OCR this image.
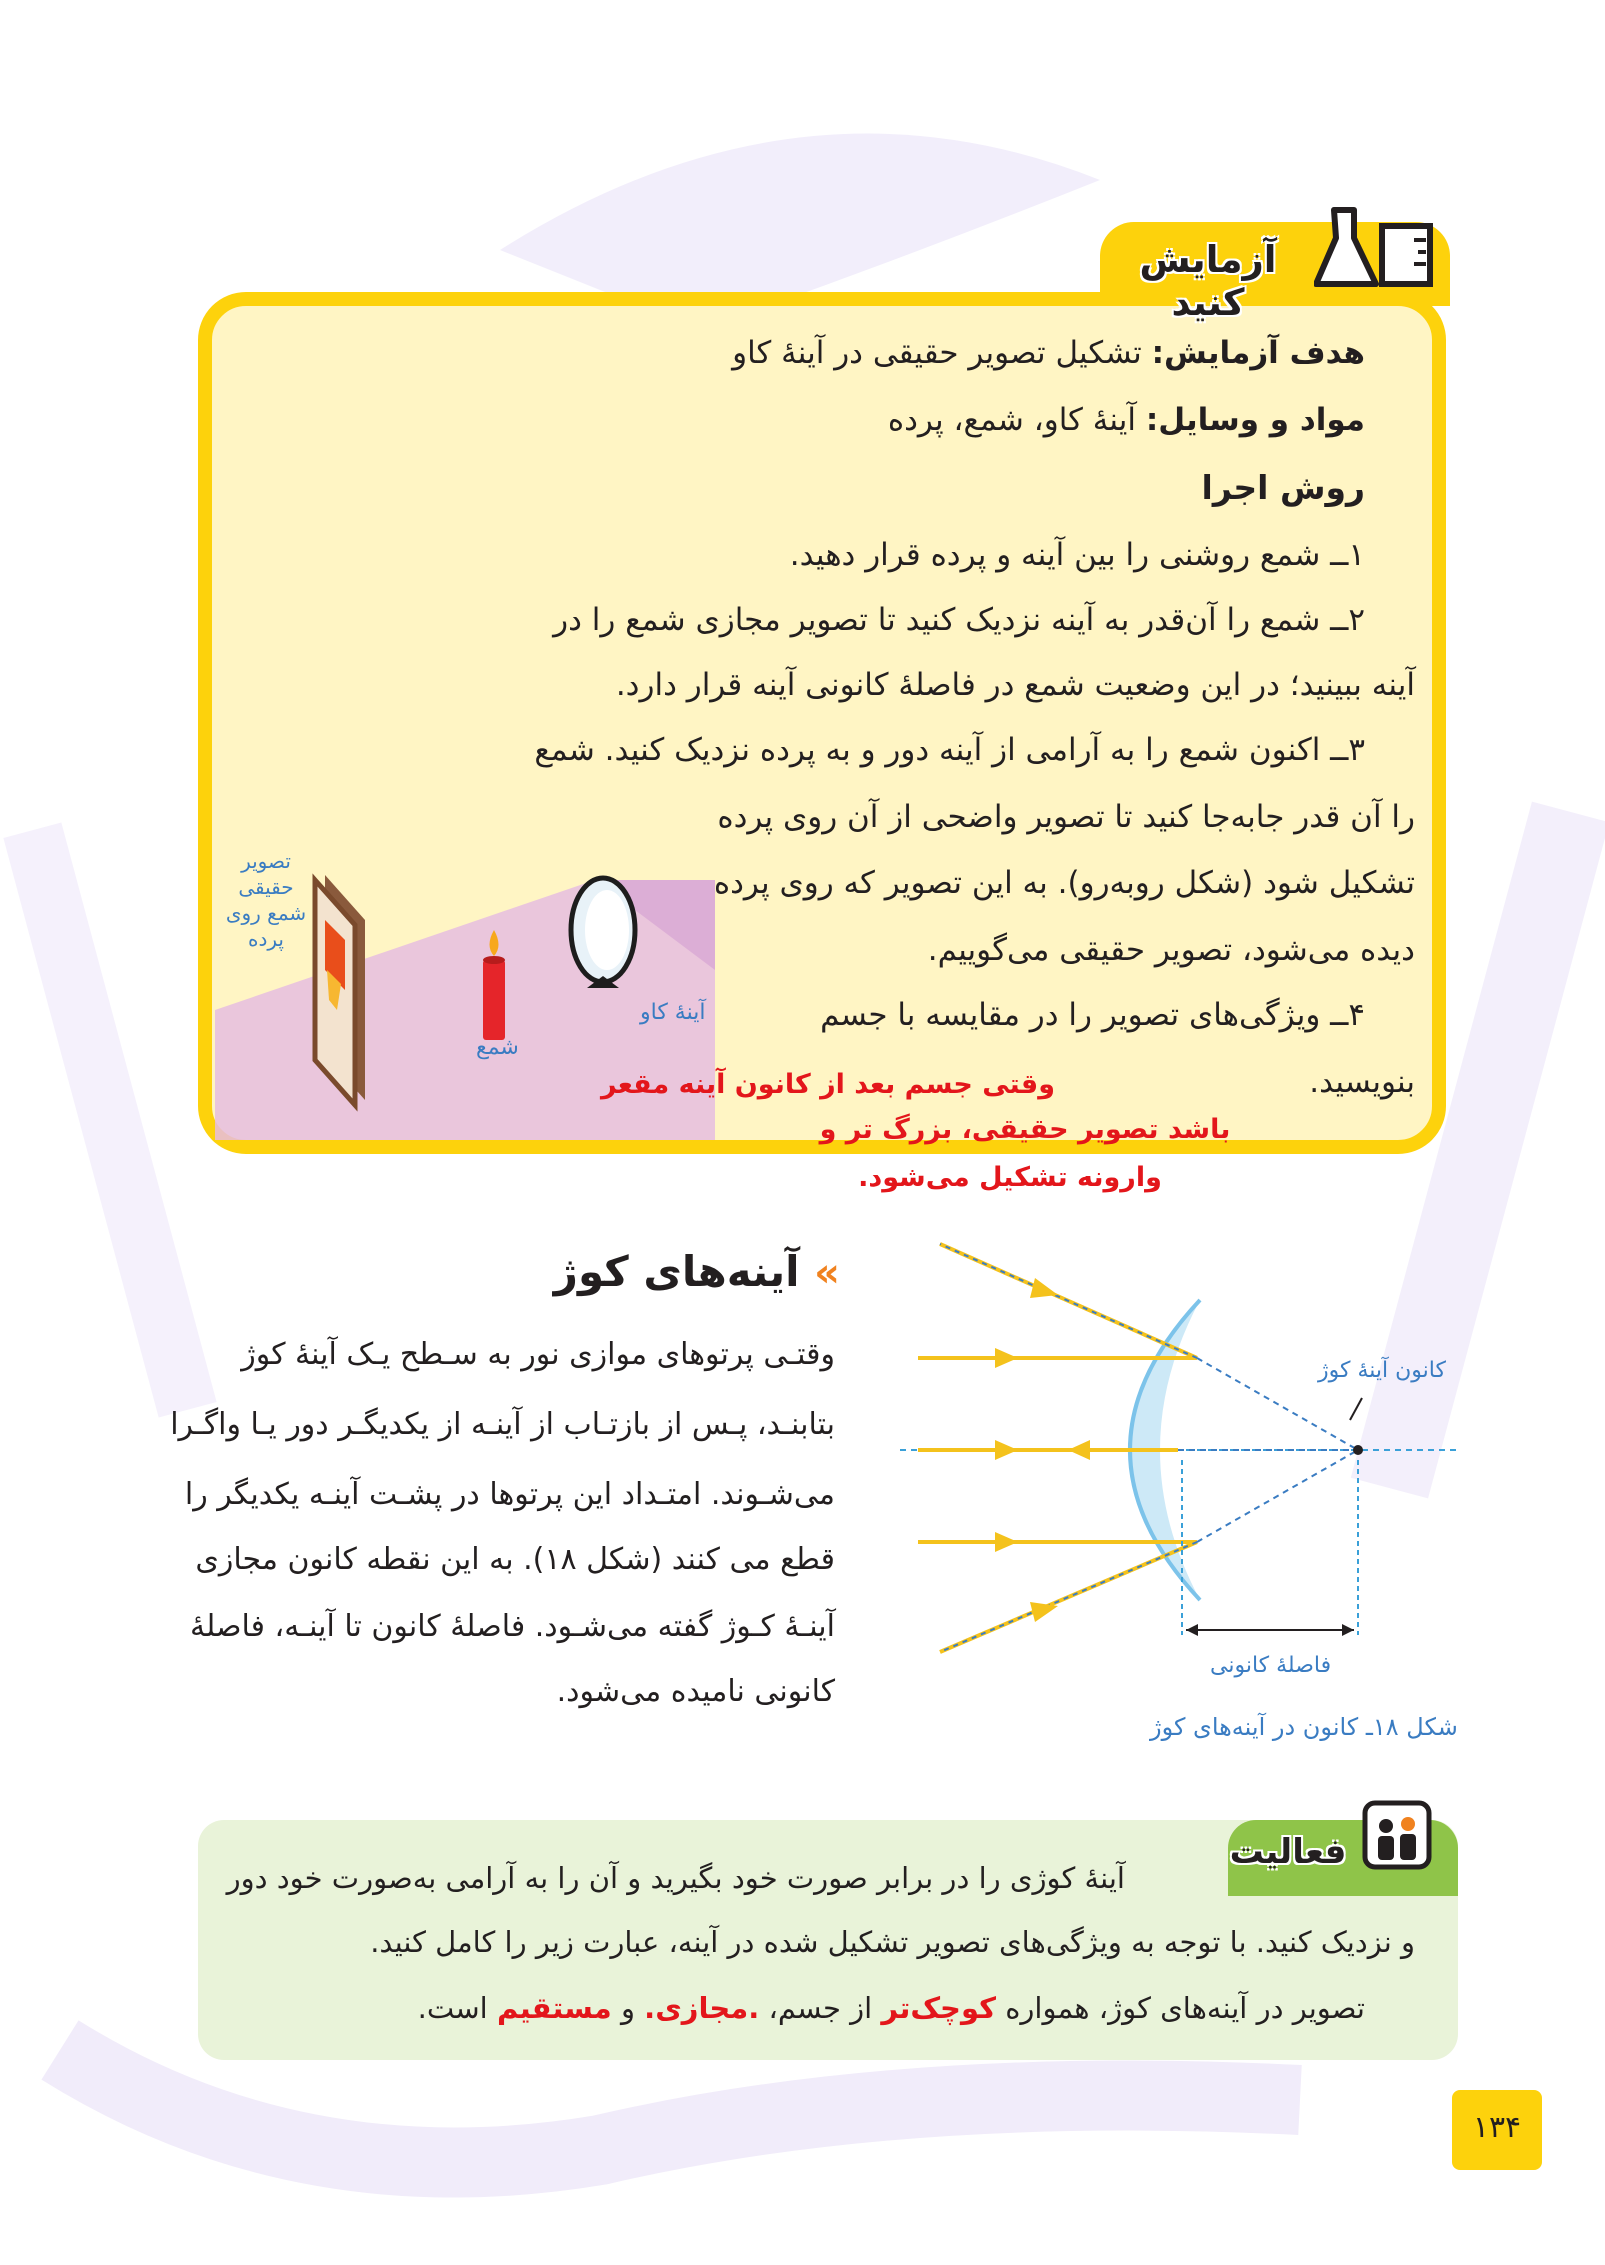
آزمایش کنید
هدف آزمایش: تشکیل تصویر حقیقی در آینهٔ کاو
مواد و وسایل: آینهٔ کاو، شمع، پرده
روش اجرا
۱ــ شمع روشنی را بین آینه و پرده قرار دهید.
۲ــ شمع را آن‌قدر به آینه نزدیک کنید تا تصویر مجازی شمع را در
آینه ببینید؛ در این وضعیت شمع در فاصلهٔ کانونی آینه قرار دارد.
۳ــ اکنون شمع را به آرامی از آینه دور و به پرده نزدیک کنید. شمع
را آن قدر جابه‌جا کنید تا تصویر واضحی از آن روی پرده
تشکیل شود (شکل روبه‌رو). به این تصویر که روی پرده
دیده می‌شود، تصویر حقیقی می‌گوییم.
۴ــ ویژگی‌های تصویر را در مقایسه با جسم
بنویسید.
وقتی جسم بعد از کانون آینه مقعر
باشد تصویر حقیقی، بزرگ تر و
وارونه تشکیل می‌شود.
تصویر
حقیقی
شمع روی
پرده
شمع
آینهٔ کاو
» آینه‌های کوژ
وقتـی پرتوهای موازی نور به سـطح یـک آینهٔ کوژ
بتابنـد، پـس از بازتـاب از آینـه از یکدیگـر دور یـا واگـرا
می‌شـوند. امتـداد این پرتوها در پشـت آینـه یکدیگر را
قطع می کنند (شکل ۱۸). به این نقطه کانون مجازی
آینـهٔ کـوژ گفته می‌شـود. فاصلهٔ کانون تا آینـه، فاصلهٔ
کانونی نامیده می‌شود.
کانون آینهٔ کوژ
فاصلهٔ کانونی
شکل ۱۸ـ کانون در آینه‌های کوژ
فعالیت
آینهٔ کوژی را در برابر صورت خود بگیرید و آن را به آرامی به‌صورت خود دور
و نزدیک کنید. با توجه به ویژگی‌های تصویر تشکیل شده در آینه، عبارت زیر را کامل کنید.
تصویر در آینه‌های کوژ، همواره کوچک‌تر از جسم، .مجازی. و مستقیم است.
۱۳۴
